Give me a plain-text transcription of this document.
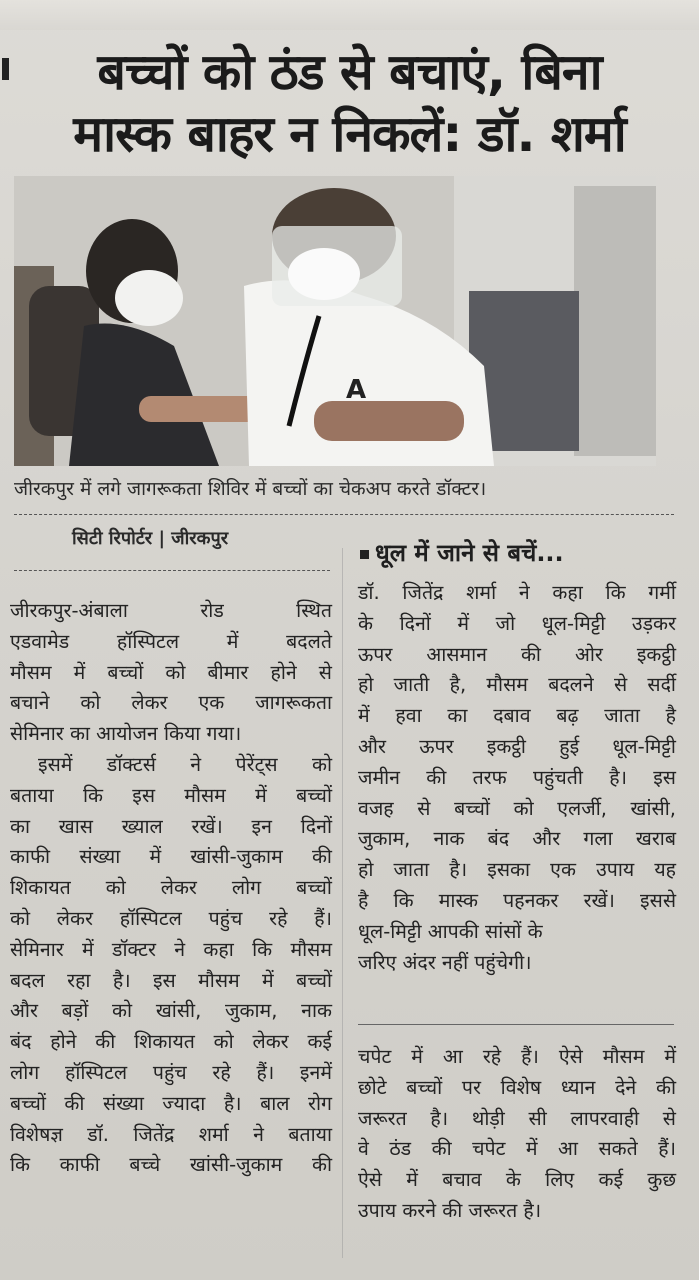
बच्चों को ठंड से बचाएं, बिना
मास्क बाहर न निकलें: डॉ. शर्मा
A
जीरकपुर में लगे जागरूकता शिविर में बच्चों का चेकअप करते डॉक्टर।
सिटी रिपोर्टर | जीरकपुर
जीरकपुर-अंबाला रोड स्थित
एडवामेड हॉस्पिटल में बदलते
मौसम में बच्चों को बीमार होने से
बचाने को लेकर एक जागरूकता
सेमिनार का आयोजन किया गया।
इसमें डॉक्टर्स ने पेरेंट्स को
बताया कि इस मौसम में बच्चों
का खास ख्याल रखें। इन दिनों
काफी संख्या में खांसी-जुकाम की
शिकायत को लेकर लोग बच्चों
को लेकर हॉस्पिटल पहुंच रहे हैं।
सेमिनार में डॉक्टर ने कहा कि मौसम
बदल रहा है। इस मौसम में बच्चों
और बड़ों को खांसी, जुकाम, नाक
बंद होने की शिकायत को लेकर कई
लोग हॉस्पिटल पहुंच रहे हैं। इनमें
बच्चों की संख्या ज्यादा है। बाल रोग
विशेषज्ञ डॉ. जितेंद्र शर्मा ने बताया
कि काफी बच्चे खांसी-जुकाम की
धूल में जाने से बचें...
डॉ. जितेंद्र शर्मा ने कहा कि गर्मी
के दिनों में जो धूल-मिट्टी उड़कर
ऊपर आसमान की ओर इकट्ठी
हो जाती है, मौसम बदलने से सर्दी
में हवा का दबाव बढ़ जाता है
और ऊपर इकट्ठी हुई धूल-मिट्टी
जमीन की तरफ पहुंचती है। इस
वजह से बच्चों को एलर्जी, खांसी,
जुकाम, नाक बंद और गला खराब
हो जाता है। इसका एक उपाय यह
है कि मास्क पहनकर रखें। इससे
धूल-मिट्टी आपकी सांसों के
जरिए अंदर नहीं पहुंचेगी।
चपेट में आ रहे हैं। ऐसे मौसम में
छोटे बच्चों पर विशेष ध्यान देने की
जरूरत है। थोड़ी सी लापरवाही से
वे ठंड की चपेट में आ सकते हैं।
ऐसे में बचाव के लिए कई कुछ
उपाय करने की जरूरत है।
